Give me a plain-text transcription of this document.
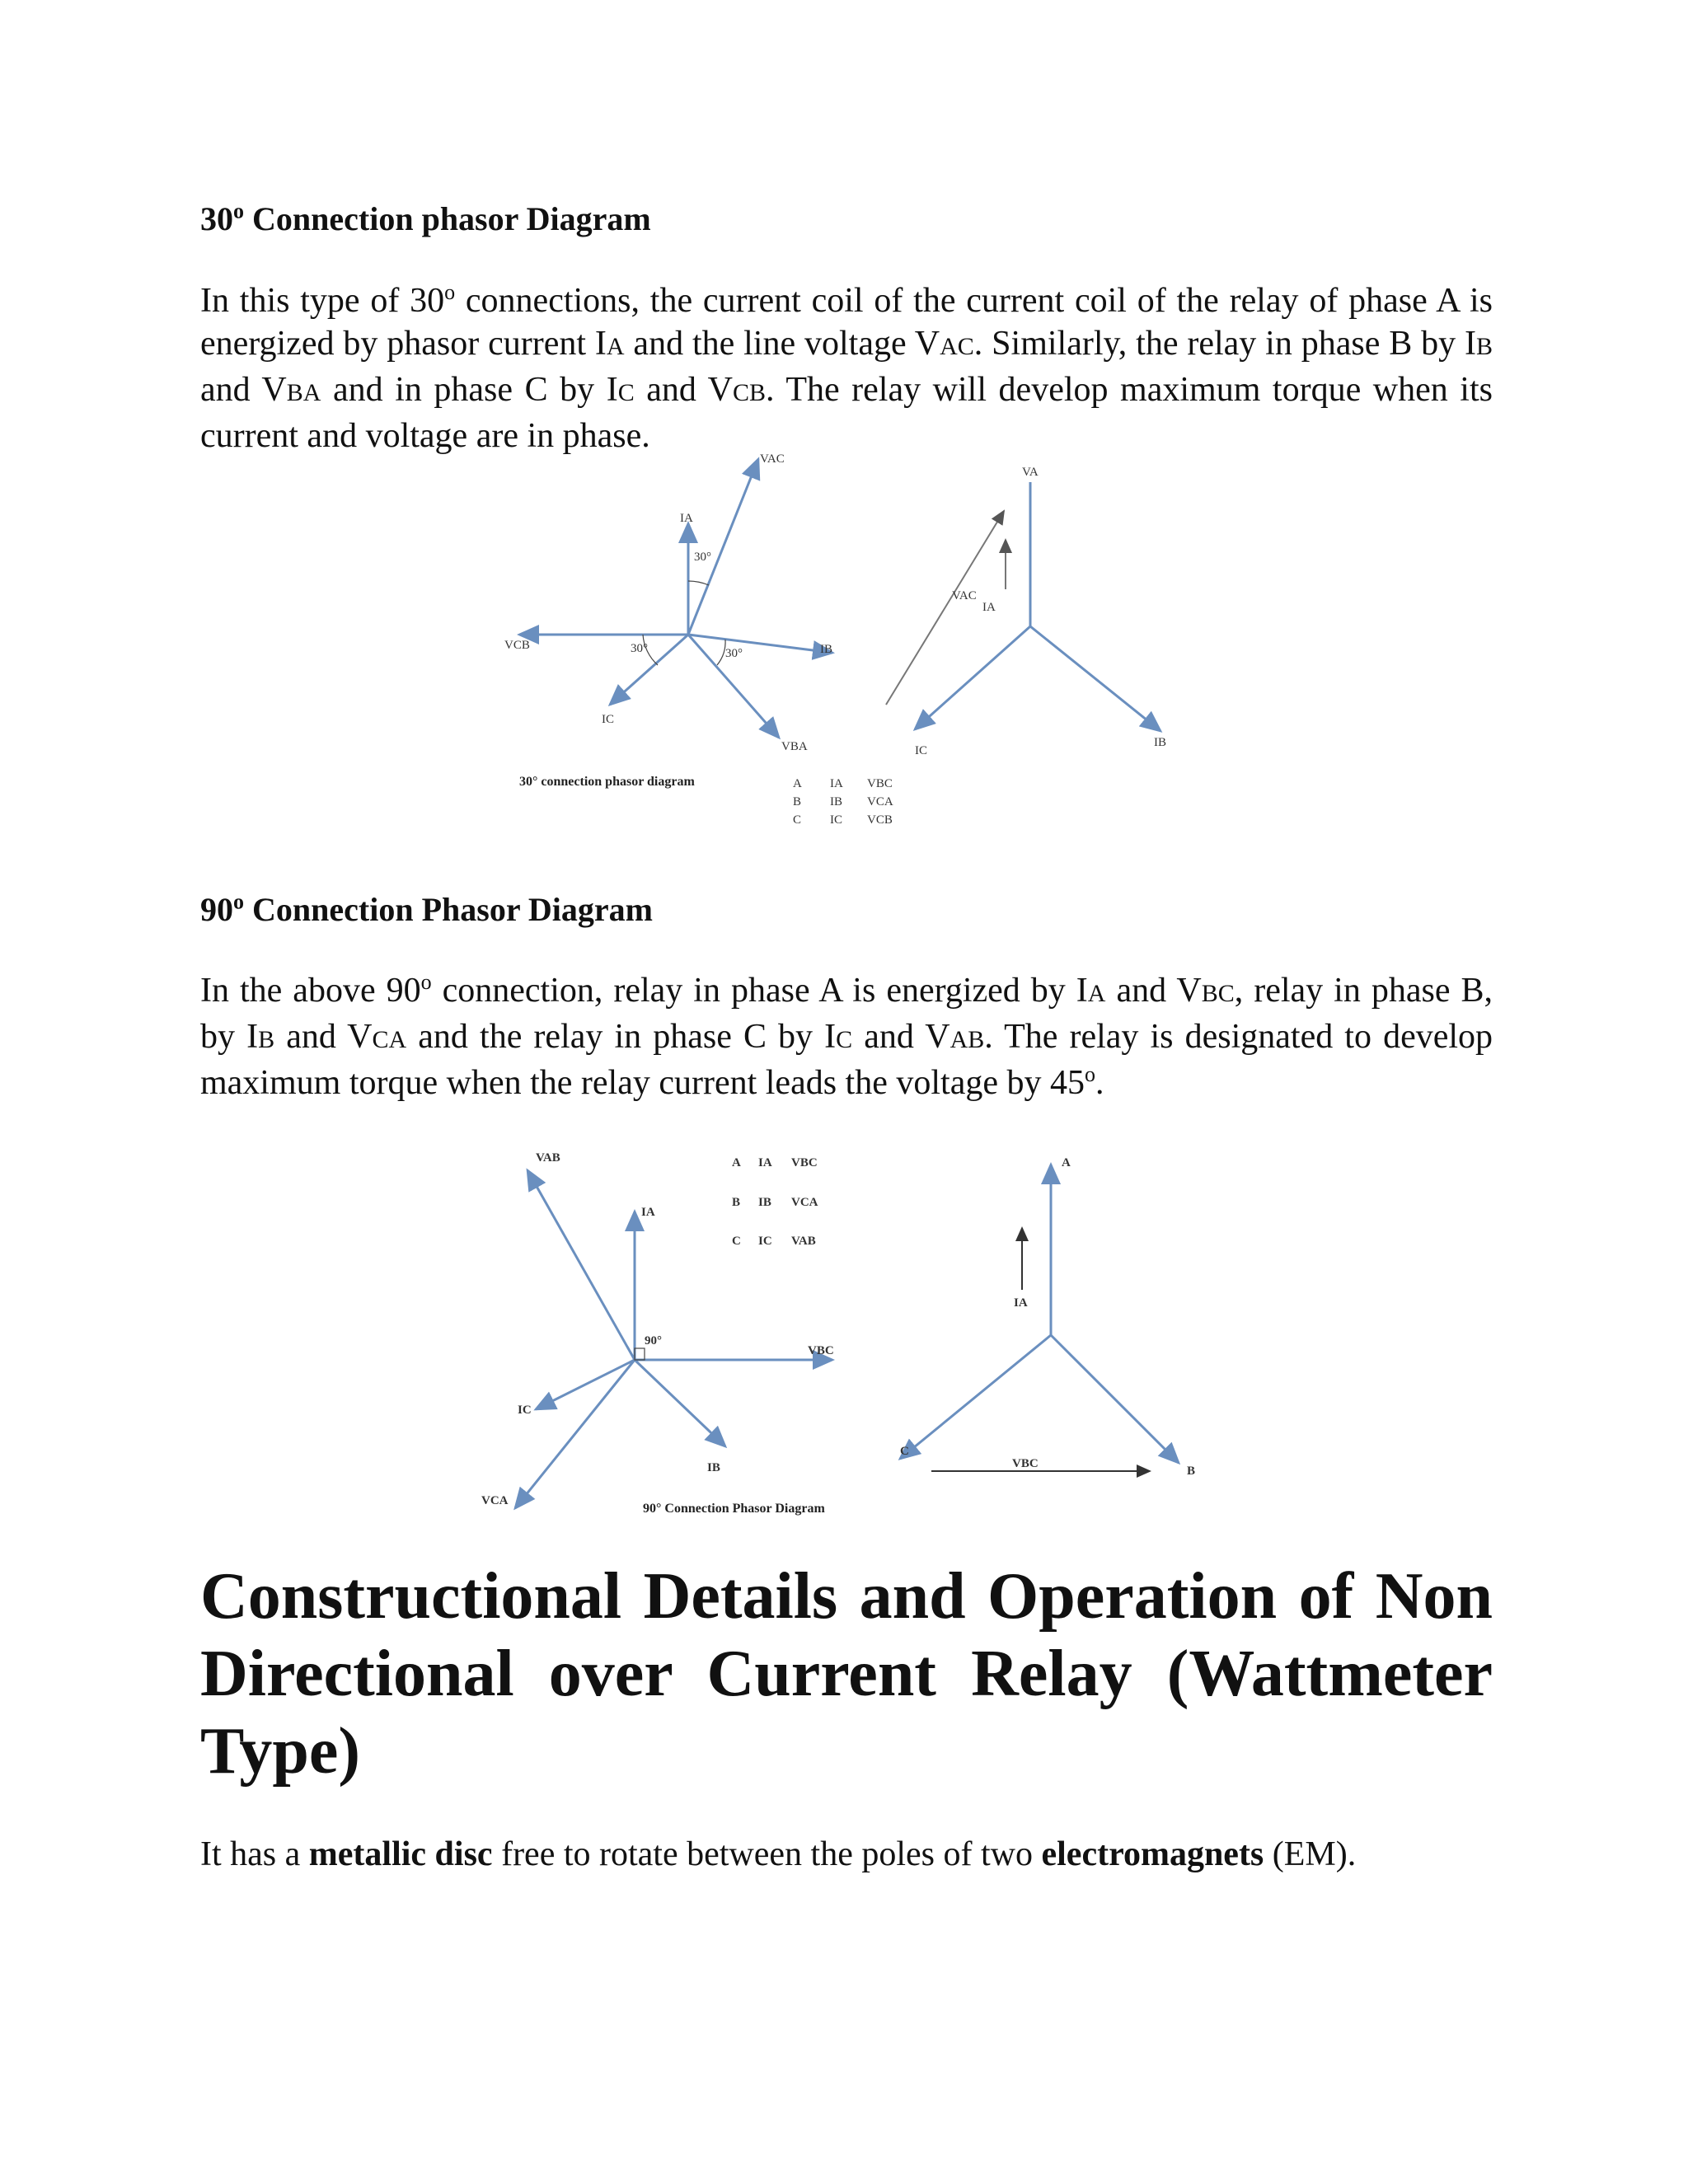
30$^o$ Connection phasor Diagram

In this type of 30$^o$ connections, the current coil of the current coil of the relay of phase A is energized by phasor current IA and the line voltage VAC. Similarly, the relay in phase B by IB and VBA and in phase C by IC and VCB. The relay will develop maximum torque when its current and voltage are in phase.

VAC
IA
VCB	IB
IC
VBA
30°
30°	30°
30° connection phasor diagram	A IA VBC
B IB VCA
C IC VCB
VA
VAC
IA
IB
IC
90$^o$ Connection Phasor Diagram

In the above 90$^o$ connection, relay in phase A is energized by IA and VBC, relay in phase B, by IB and VCA and the relay in phase C by IC and VAB. The relay is designated to develop maximum torque when the relay current leads the voltage by 45$^o$.

VAB
IA
VBC
IC
IB
VCA
90°
90° Connection Phasor Diagram
A IA VBC
B IB VCA
C IC VAB
A
IA
C
B
VBC
Constructional Details and Operation of Non Directional over Current Relay (Wattmeter Type)

It has a metallic disc free to rotate between the poles of two electromagnets (EM).
